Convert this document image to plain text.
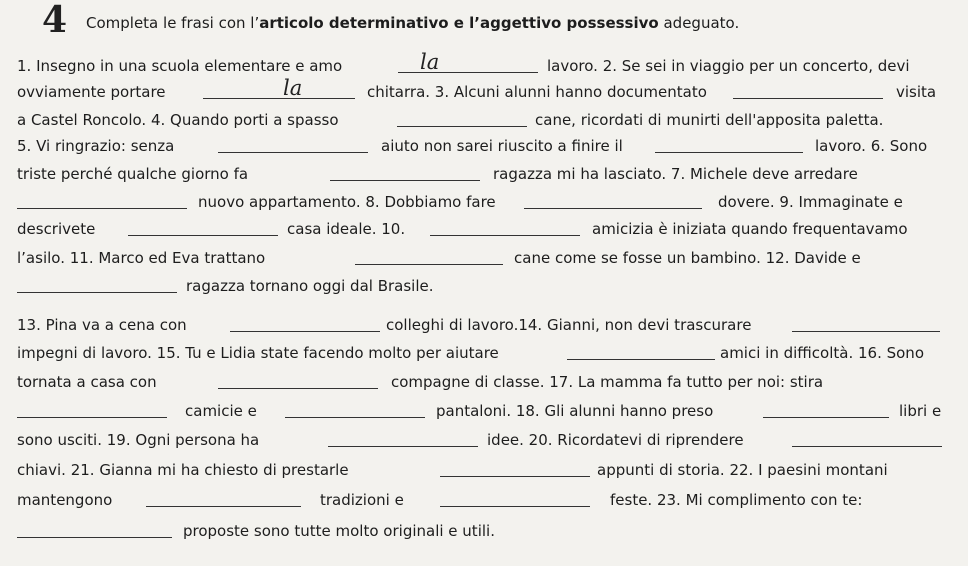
4 Completa le frasi con l’articolo determinativo e l’aggettivo possessivo adeguato.
1. Insegno in una scuola elementare e amo	la	lavoro. 2. Se sei in viaggio per un concerto, devi
ovviamente portare	la	chitarra. 3. Alcuni alunni hanno documentato	visita
a Castel Roncolo. 4. Quando porti a spasso	cane, ricordati di munirti dell'apposita paletta.
5. Vi ringrazio: senza	aiuto non sarei riuscito a finire il	lavoro. 6. Sono
triste perché qualche giorno fa	ragazza mi ha lasciato. 7. Michele deve arredare
nuovo appartamento. 8. Dobbiamo fare	dovere. 9. Immaginate e
descrivete	casa ideale. 10.	amicizia è iniziata quando frequentavamo
l’asilo. 11. Marco ed Eva trattano	cane come se fosse un bambino. 12. Davide e
ragazza tornano oggi dal Brasile.
13. Pina va a cena con	colleghi di lavoro.14. Gianni, non devi trascurare
impegni di lavoro. 15. Tu e Lidia state facendo molto per aiutare	amici in difficoltà. 16. Sono
tornata a casa con	compagne di classe. 17. La mamma fa tutto per noi: stira
camicie e	pantaloni. 18. Gli alunni hanno preso	libri e
sono usciti. 19. Ogni persona ha	idee. 20. Ricordatevi di riprendere
chiavi. 21. Gianna mi ha chiesto di prestarle	appunti di storia. 22. I paesini montani
mantengono	tradizioni e	feste. 23. Mi complimento con te:
proposte sono tutte molto originali e utili.
